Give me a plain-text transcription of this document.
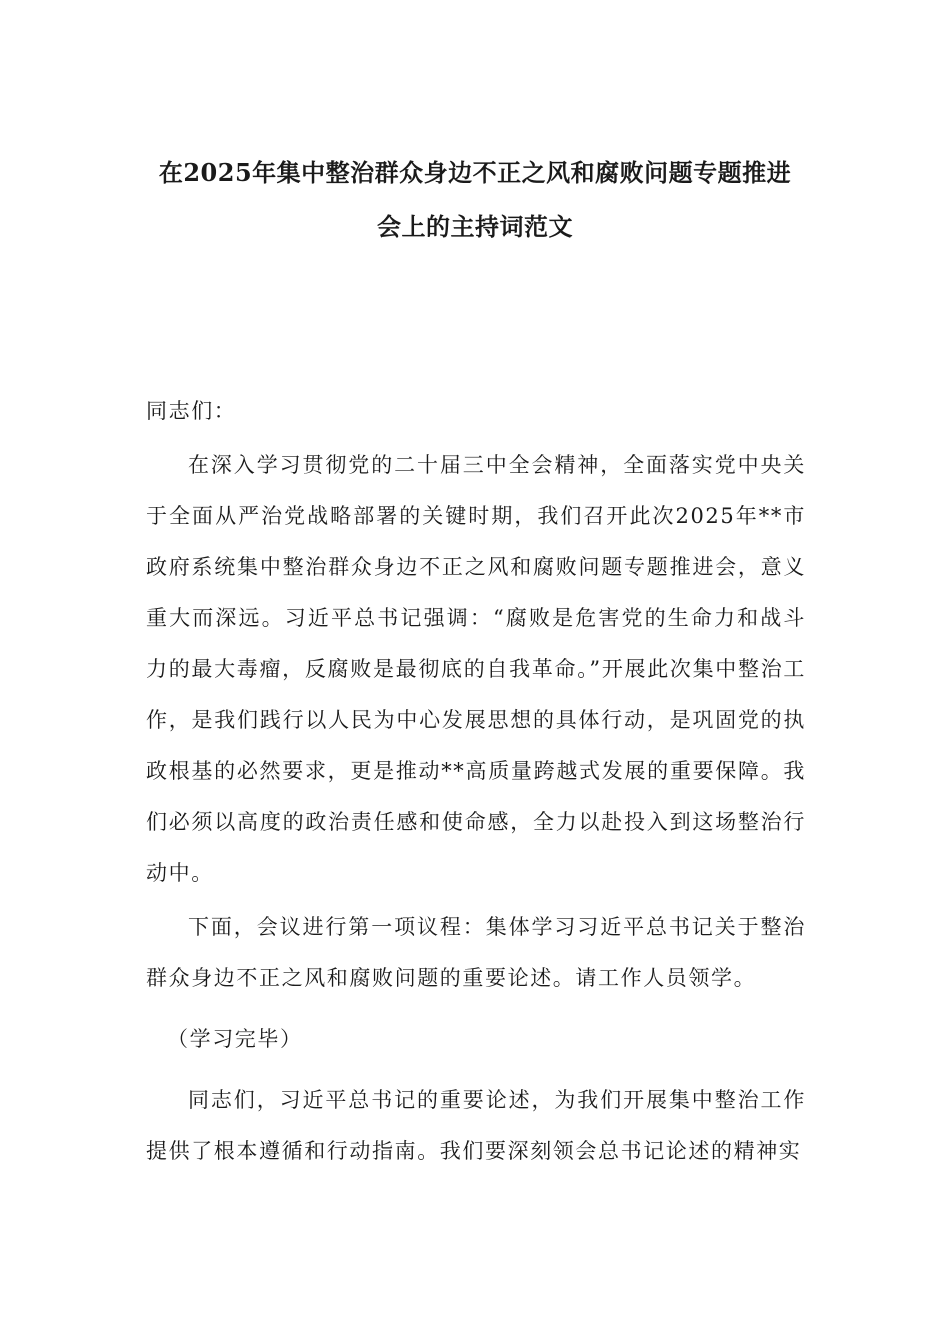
在2025年集中整治群众身边不正之风和腐败问题专题推进
会上的主持词范文

同志们：

在深入学习贯彻党的二十届三中全会精神，全面落实党中央关于全面从严治党战略部署的关键时期，我们召开此次2025年**市政府系统集中整治群众身边不正之风和腐败问题专题推进会，意义重大而深远。习近平总书记强调：“腐败是危害党的生命力和战斗力的最大毒瘤，反腐败是最彻底的自我革命。”开展此次集中整治工作，是我们践行以人民为中心发展思想的具体行动，是巩固党的执政根基的必然要求，更是推动**高质量跨越式发展的重要保障。我们必须以高度的政治责任感和使命感，全力以赴投入到这场整治行动中。

下面，会议进行第一项议程：集体学习习近平总书记关于整治群众身边不正之风和腐败问题的重要论述。请工作人员领学。

（学习完毕）

同志们，习近平总书记的重要论述，为我们开展集中整治工作提供了根本遵循和行动指南。我们要深刻领会总书记论述的精神实
